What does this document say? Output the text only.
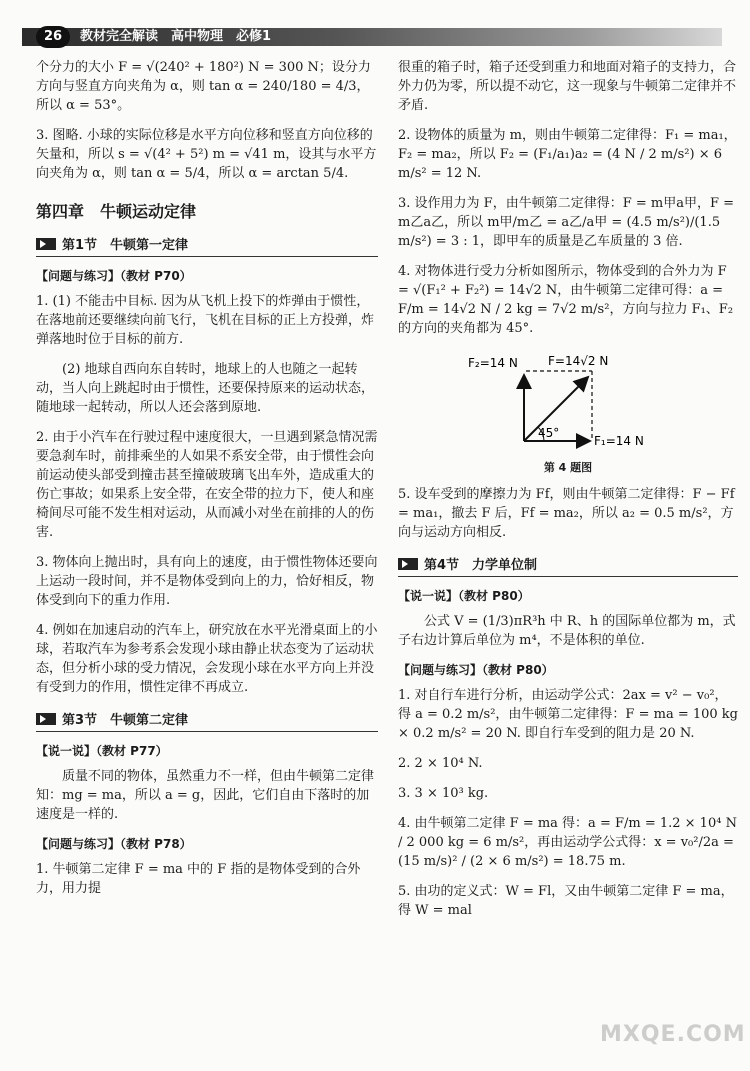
26	教材完全解读　高中物理　必修1

个分力的大小 F = √(240² + 180²) N = 300 N；设分力方向与竖直方向夹角为 α，则 tan α = 240/180 = 4/3，所以 α = 53°。

3. 图略. 小球的实际位移是水平方向位移和竖直方向位移的矢量和，所以 s = √(4² + 5²) m = √41 m，设其与水平方向夹角为 α，则 tan α = 5/4，所以 α = arctan 5/4.

第四章　牛顿运动定律
第1节　牛顿第一定律
【问题与练习】（教材 P70）

1. (1) 不能击中目标. 因为从飞机上投下的炸弹由于惯性，在落地前还要继续向前飞行，飞机在目标的正上方投弹，炸弹落地时位于目标的前方.

(2) 地球自西向东自转时，地球上的人也随之一起转动，当人向上跳起时由于惯性，还要保持原来的运动状态，随地球一起转动，所以人还会落到原地.

2. 由于小汽车在行驶过程中速度很大，一旦遇到紧急情况需要急刹车时，前排乘坐的人如果不系安全带，由于惯性会向前运动使头部受到撞击甚至撞破玻璃飞出车外，造成重大的伤亡事故；如果系上安全带，在安全带的拉力下，使人和座椅间尽可能不发生相对运动，从而减小对坐在前排的人的伤害.

3. 物体向上抛出时，具有向上的速度，由于惯性物体还要向上运动一段时间，并不是物体受到向上的力，恰好相反，物体受到向下的重力作用.

4. 例如在加速启动的汽车上，研究放在水平光滑桌面上的小球，若取汽车为参考系会发现小球由静止状态变为了运动状态，但分析小球的受力情况，会发现小球在水平方向上并没有受到力的作用，惯性定律不再成立.

第3节　牛顿第二定律
【说一说】（教材 P77）

质量不同的物体，虽然重力不一样，但由牛顿第二定律知：mg = ma，所以 a = g，因此，它们自由下落时的加速度是一样的.

【问题与练习】（教材 P78）

1. 牛顿第二定律 F = ma 中的 F 指的是物体受到的合外力，用力提

很重的箱子时，箱子还受到重力和地面对箱子的支持力，合外力仍为零，所以提不动它，这一现象与牛顿第二定律并不矛盾.

2. 设物体的质量为 m，则由牛顿第二定律得：F₁ = ma₁，F₂ = ma₂，所以 F₂ = (F₁/a₁)a₂ = (4 N / 2 m/s²) × 6 m/s² = 12 N.

3. 设作用力为 F，由牛顿第二定律得：F = m甲a甲，F = m乙a乙，所以 m甲/m乙 = a乙/a甲 = (4.5 m/s²)/(1.5 m/s²) = 3 : 1，即甲车的质量是乙车质量的 3 倍.

4. 对物体进行受力分析如图所示，物体受到的合外力为 F = √(F₁² + F₂²) = 14√2 N，由牛顿第二定律可得：a = F/m = 14√2 N / 2 kg = 7√2 m/s²，方向与拉力 F₁、F₂ 的方向的夹角都为 45°.

F₂=14 N	F=14√2 N
F₁=14 N
45°
第 4 题图

5. 设车受到的摩擦力为 Ff，则由牛顿第二定律得：F − Ff = ma₁，撤去 F 后，Ff = ma₂，所以 a₂ = 0.5 m/s²，方向与运动方向相反.

第4节　力学单位制
【说一说】（教材 P80）

公式 V = (1/3)πR³h 中 R、h 的国际单位都为 m，式子右边计算后单位为 m⁴，不是体积的单位.

【问题与练习】（教材 P80）

1. 对自行车进行分析，由运动学公式：2ax = v² − v₀²，得 a = 0.2 m/s²，由牛顿第二定律得：F = ma = 100 kg × 0.2 m/s² = 20 N. 即自行车受到的阻力是 20 N.

2. 2 × 10⁴ N.

3. 3 × 10³ kg.

4. 由牛顿第二定律 F = ma 得：a = F/m = 1.2 × 10⁴ N / 2 000 kg = 6 m/s²，再由运动学公式得：x = v₀²/2a = (15 m/s)² / (2 × 6 m/s²) = 18.75 m.

5. 由功的定义式：W = Fl，又由牛顿第二定律 F = ma，得 W = mal

MXQE.COM
